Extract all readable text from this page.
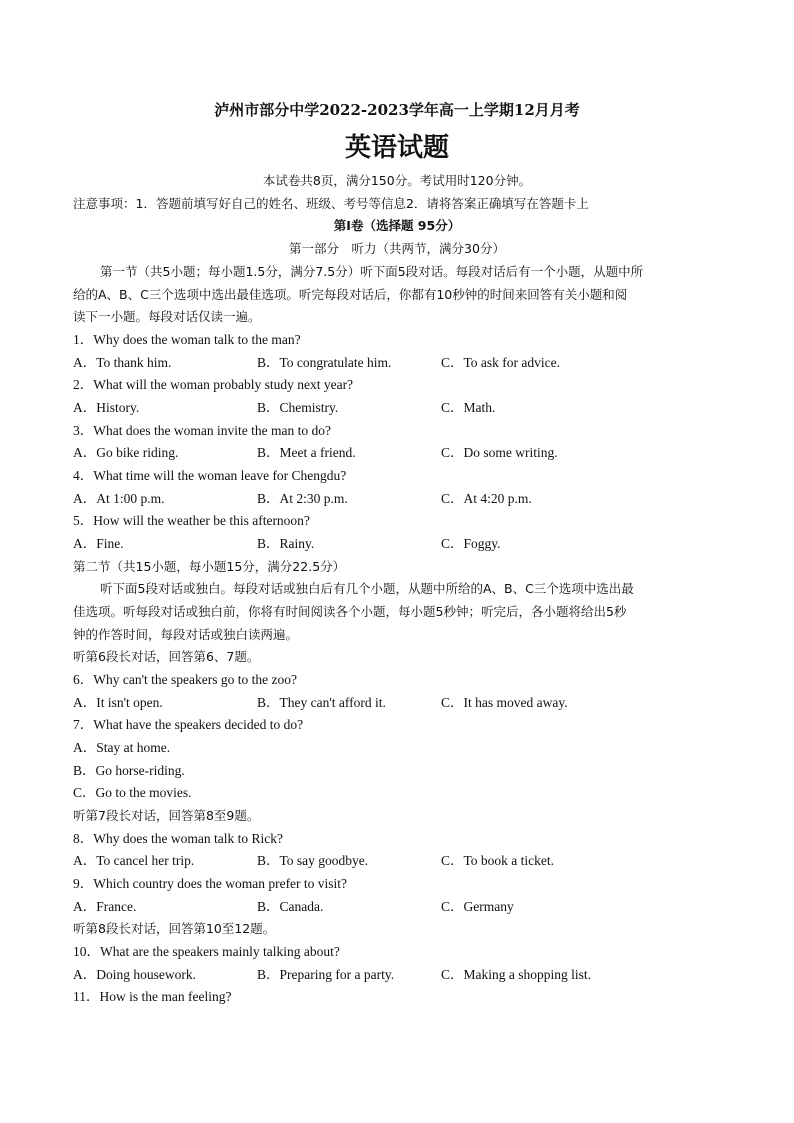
泸州市部分中学2022-2023学年高一上学期12月月考
英语试题
本试卷共8页，满分150分。考试用时120分钟。
注意事项：1．答题前填写好自己的姓名、班级、考号等信息2．请将答案正确填写在答题卡上
第I卷（选择题 95分）
第一部分　听力（共两节，满分30分）
第一节（共5小题；每小题1.5分，满分7.5分）听下面5段对话。每段对话后有一个小题，从题中所
给的A、B、C三个选项中选出最佳选项。听完每段对话后，你都有10秒钟的时间来回答有关小题和阅
读下一小题。每段对话仅读一遍。
1．Why does the woman talk to the man?
A．To thank him.	B．To congratulate him.	C．To ask for advice.
2．What will the woman probably study next year?
A．History.	B．Chemistry.	C．Math.
3．What does the woman invite the man to do?
A．Go bike riding.	B．Meet a friend.	C．Do some writing.
4．What time will the woman leave for Chengdu?
A．At 1:00 p.m.	B．At 2:30 p.m.	C．At 4:20 p.m.
5．How will the weather be this afternoon?
A．Fine.	B．Rainy.	C．Foggy.
第二节（共15小题，每小题15分，满分22.5分）
听下面5段对话或独白。每段对话或独白后有几个小题，从题中所给的A、B、C三个选项中选出最
佳选项。听每段对话或独白前，你将有时间阅读各个小题，每小题5秒钟；听完后，各小题将给出5秒
钟的作答时间，每段对话或独白读两遍。
听第6段长对话，回答第6、7题。
6．Why can't the speakers go to the zoo?
A．It isn't open.	B．They can't afford it.	C．It has moved away.
7．What have the speakers decided to do?
A．Stay at home.
B．Go horse-riding.
C．Go to the movies.
听第7段长对话，回答第8至9题。
8．Why does the woman talk to Rick?
A．To cancel her trip.	B．To say goodbye.	C．To book a ticket.
9．Which country does the woman prefer to visit?
A．France.	B．Canada.	C．Germany
听第8段长对话，回答第10至12题。
10．What are the speakers mainly talking about?
A．Doing housework.	B．Preparing for a party.	C．Making a shopping list.
11．How is the man feeling?
